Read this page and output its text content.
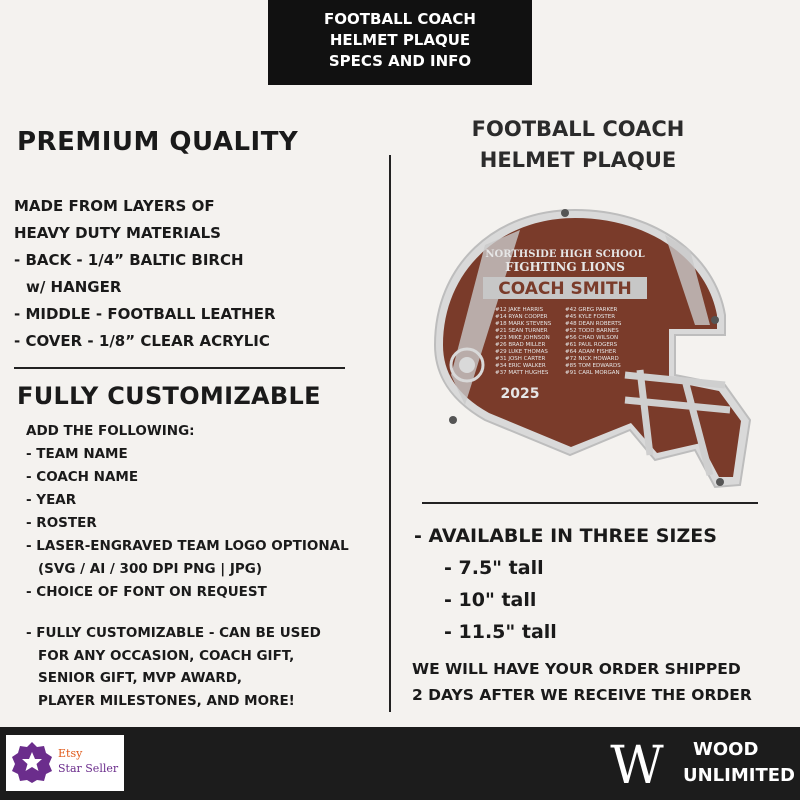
FOOTBALL COACH
HELMET PLAQUE
SPECS AND INFO
PREMIUM QUALITY
MADE FROM LAYERS OF
HEAVY DUTY MATERIALS
- BACK - 1/4” BALTIC BIRCH
w/ HANGER
- MIDDLE - FOOTBALL LEATHER
- COVER - 1/8” CLEAR ACRYLIC
FULLY CUSTOMIZABLE
ADD THE FOLLOWING:
- TEAM NAME
- COACH NAME
- YEAR
- ROSTER
- LASER-ENGRAVED TEAM LOGO OPTIONAL
(SVG / AI / 300 DPI PNG | JPG)
- CHOICE OF FONT ON REQUEST
- FULLY CUSTOMIZABLE - CAN BE USED
FOR ANY OCCASION, COACH GIFT,
SENIOR GIFT, MVP AWARD,
PLAYER MILESTONES, AND MORE!
FOOTBALL COACH
HELMET PLAQUE
NORTHSIDE HIGH SCHOOL
FIGHTING LIONS
COACH SMITH
#12 JAKE HARRIS
#14 RYAN COOPER
#18 MARK STEVENS
#21 SEAN TURNER
#23 MIKE JOHNSON
#26 BRAD MILLER
#29 LUKE THOMAS
#31 JOSH CARTER
#34 ERIC WALKER
#37 MATT HUGHES
#42 GREG PARKER
#45 KYLE FOSTER
#48 DEAN ROBERTS
#52 TODD BARNES
#56 CHAD WILSON
#61 PAUL ROGERS
#64 ADAM FISHER
#72 NICK HOWARD
#85 TOM EDWARDS
#91 CARL MORGAN
2025
- AVAILABLE IN THREE SIZES
- 7.5" tall
- 10" tall
- 11.5" tall
WE WILL HAVE YOUR ORDER SHIPPED
2 DAYS AFTER WE RECEIVE THE ORDER
Etsy
Star Seller	W	WOOD
UNLIMITED
